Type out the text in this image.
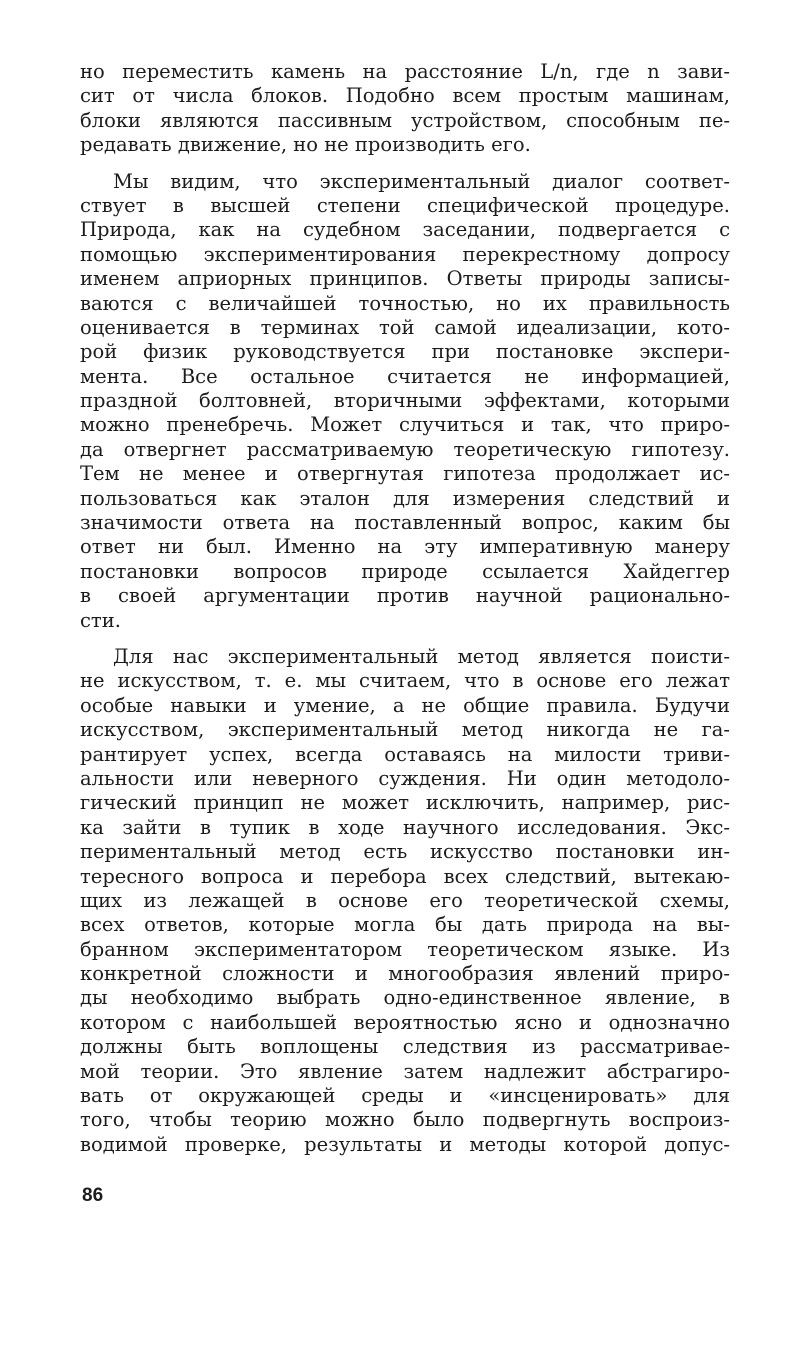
но переместить камень на расстояние L/n, где n зави-
сит от числа блоков. Подобно всем простым машинам,
блоки являются пассивным устройством, способным пе-
редавать движение, но не производить его.
Мы видим, что экспериментальный диалог соответ-
ствует в высшей степени специфической процедуре.
Природа, как на судебном заседании, подвергается с
помощью экспериментирования перекрестному допросу
именем априорных принципов. Ответы природы записы-
ваются с величайшей точностью, но их правильность
оценивается в терминах той самой идеализации, кото-
рой физик руководствуется при постановке экспери-
мента. Все остальное считается не информацией,
праздной болтовней, вторичными эффектами, которыми
можно пренебречь. Может случиться и так, что приро-
да отвергнет рассматриваемую теоретическую гипотезу.
Тем не менее и отвергнутая гипотеза продолжает ис-
пользоваться как эталон для измерения следствий и
значимости ответа на поставленный вопрос, каким бы
ответ ни был. Именно на эту императивную манеру
постановки вопросов природе ссылается Хайдеггер
в своей аргументации против научной рационально-
сти.
Для нас экспериментальный метод является поисти-
не искусством, т. е. мы считаем, что в основе его лежат
особые навыки и умение, а не общие правила. Будучи
искусством, экспериментальный метод никогда не га-
рантирует успех, всегда оставаясь на милости триви-
альности или неверного суждения. Ни один методоло-
гический принцип не может исключить, например, рис-
ка зайти в тупик в ходе научного исследования. Экс-
периментальный метод есть искусство постановки ин-
тересного вопроса и перебора всех следствий, вытекаю-
щих из лежащей в основе его теоретической схемы,
всех ответов, которые могла бы дать природа на вы-
бранном экспериментатором теоретическом языке. Из
конкретной сложности и многообразия явлений приро-
ды необходимо выбрать одно-единственное явление, в
котором с наибольшей вероятностью ясно и однозначно
должны быть воплощены следствия из рассматривае-
мой теории. Это явление затем надлежит абстрагиро-
вать от окружающей среды и «инсценировать» для
того, чтобы теорию можно было подвергнуть воспроиз-
водимой проверке, результаты и методы которой допус-
86
